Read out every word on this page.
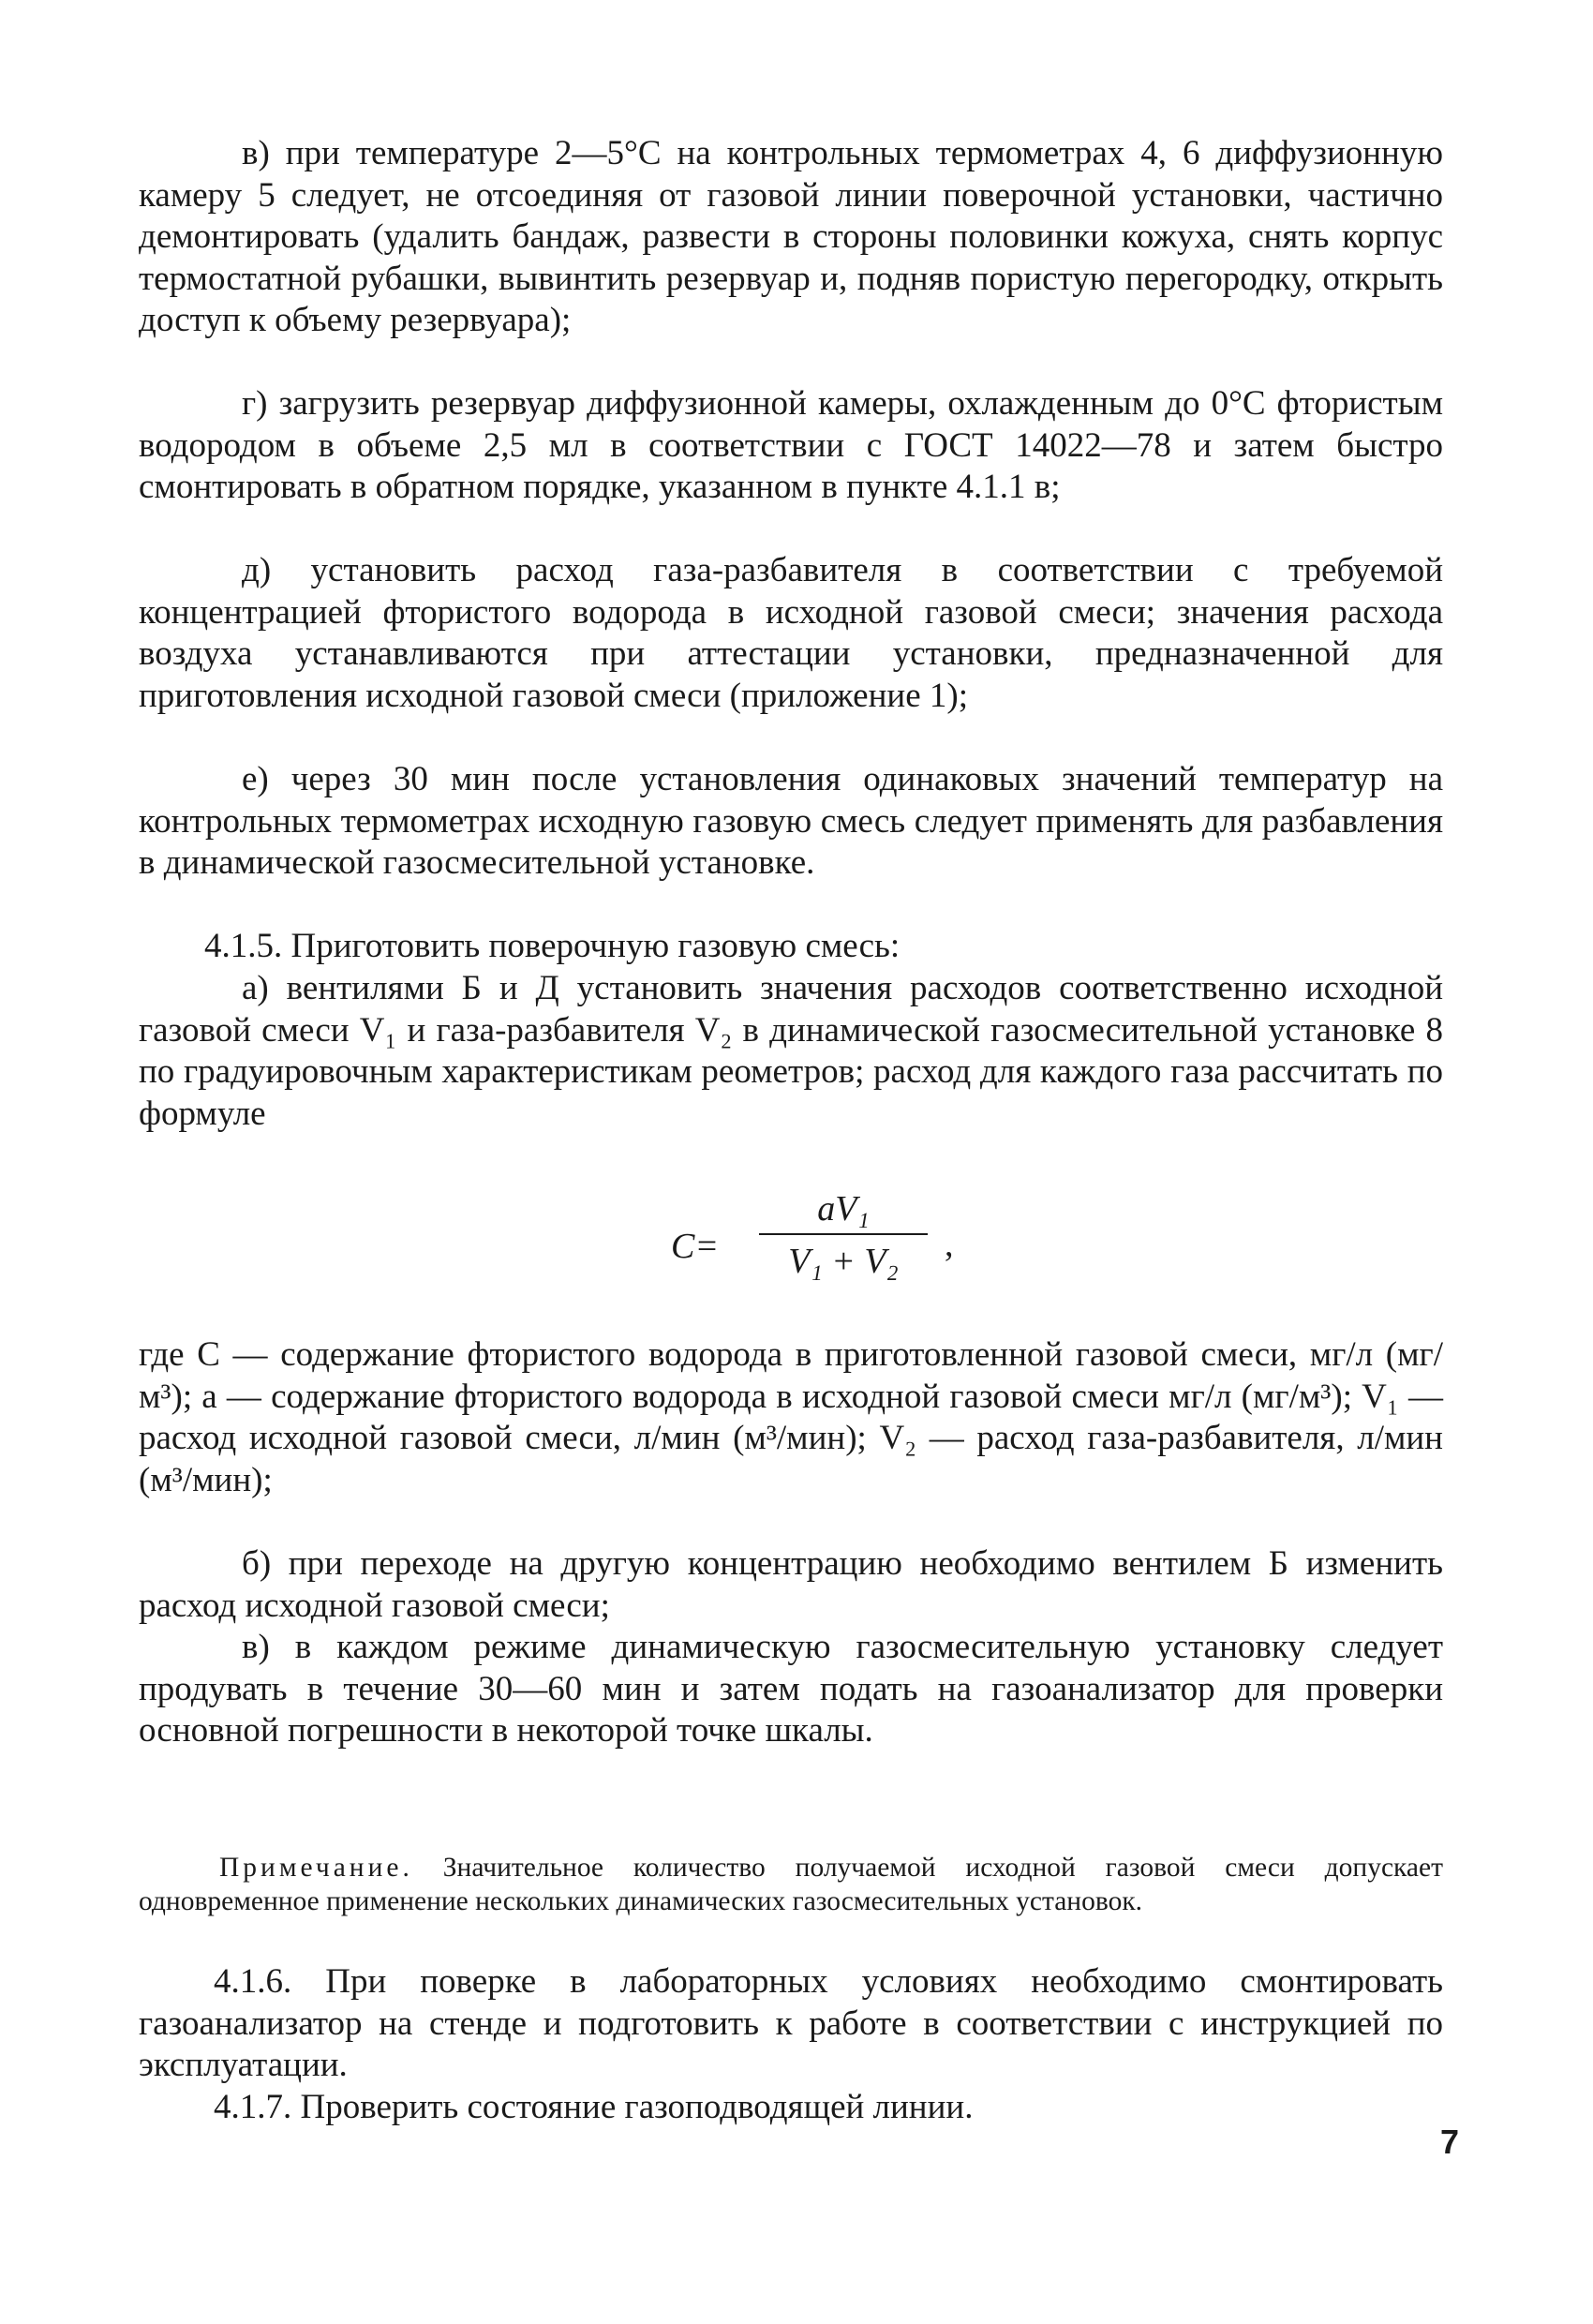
в) при температуре 2—5°С на контрольных термометрах 4, 6 диффузионную камеру 5 следует, не отсоединяя от газовой линии поверочной установки, частично демонтировать (удалить бандаж, развести в стороны половинки кожуха, снять корпус термостатной рубашки, вывинтить резервуар и, подняв пористую перегородку, открыть доступ к объему резервуара);

г) загрузить резервуар диффузионной камеры, охлажденным до 0°С фтористым водородом в объеме 2,5 мл в соответствии с ГОСТ 14022—78 и затем быстро смонтировать в обратном порядке, указанном в пункте 4.1.1 в;

д) установить расход газа-разбавителя в соответствии с требуемой концентрацией фтористого водорода в исходной газовой смеси; значения расхода воздуха устанавливаются при аттестации установки, предназначенной для приготовления исходной газовой смеси (приложение 1);

е) через 30 мин после установления одинаковых значений температур на контрольных термометрах исходную газовую смесь следует применять для разбавления в динамической газосмесительной установке.

4.1.5. Приготовить поверочную газовую смесь:

а) вентилями Б и Д установить значения расходов соответственно исходной газовой смеси V₁ и газа-разбавителя V₂ в динамической газосмесительной установке 8 по градуировочным характеристикам реометров; расход для каждого газа рассчитать по формуле

C=
aV₁
V₁ + V₂	,

где С — содержание фтористого водорода в приготовленной газовой смеси, мг/л (мг/м³); а — содержание фтористого водорода в исходной газовой смеси мг/л (мг/м³); V₁ — расход исходной газовой смеси, л/мин (м³/мин); V₂ — расход газа-разбавителя, л/мин (м³/мин);

б) при переходе на другую концентрацию необходимо вентилем Б изменить расход исходной газовой смеси;

в) в каждом режиме динамическую газосмесительную установку следует продувать в течение 30—60 мин и затем подать на газоанализатор для проверки основной погрешности в некоторой точке шкалы.

Примечание. Значительное количество получаемой исходной газовой смеси допускает одновременное применение нескольких динамических газосмесительных установок.

4.1.6. При поверке в лабораторных условиях необходимо смонтировать газоанализатор на стенде и подготовить к работе в соответствии с инструкцией по эксплуатации.

4.1.7. Проверить состояние газоподводящей линии.

7
